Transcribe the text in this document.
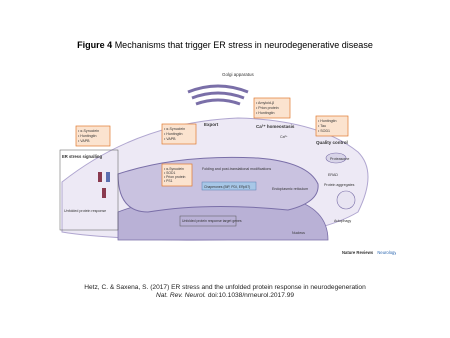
Figure 4 Mechanisms that trigger ER stress in neurodegenerative disease
Golgi apparatus
• α-Synuclein
• Huntingtin
• VAPB
Export
• Amyloid-β
• Prion protein
• Huntingtin
Ca²⁺ homeostasis
Ca²⁺
• Huntingtin
• Tau
• SOD1
Quality control
Proteasome
ERAD
Protein aggregates
Autophagy
ER stress signalling
• α-Synuclein
• Huntingtin
• VAPB
Unfolded protein response
• α-Synuclein
• SOD1
• Prion protein
• PS1
Folding and post-translational modifications
Chaperones (BiP, PDI, ERp57)	Endoplasmic reticulum
Unfolded protein response target genes
Nucleus
Nature Reviews Neurology
Hetz, C. & Saxena, S. (2017) ER stress and the unfolded protein response in neurodegeneration
Nat. Rev. Neurol. doi:10.1038/nrneurol.2017.99
